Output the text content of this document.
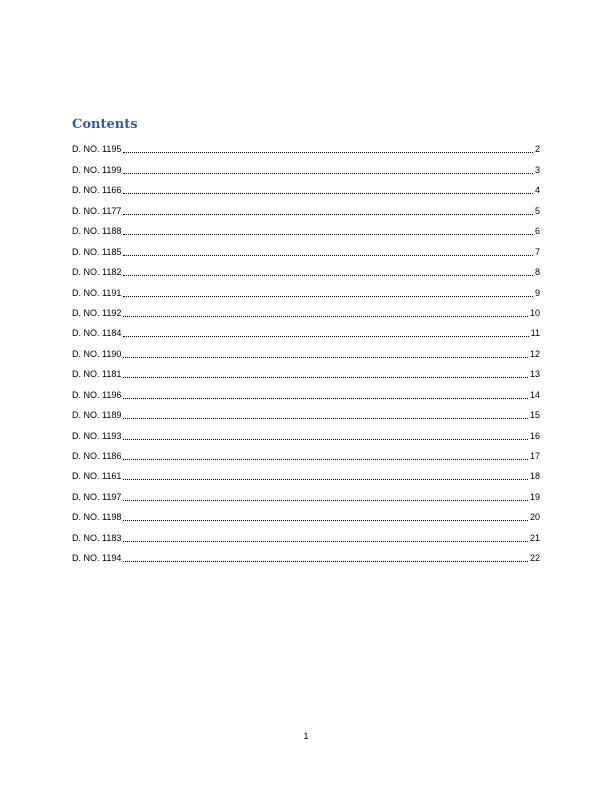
Contents
D. NO. 1195	2
D. NO. 1199	3
D. NO. 1166	4
D. NO. 1177	5
D. NO. 1188	6
D. NO. 1185	7
D. NO. 1182	8
D. NO. 1191	9
D. NO. 1192	10
D. NO. 1184	11
D. NO. 1190	12
D. NO. 1181	13
D. NO. 1196	14
D. NO. 1189	15
D. NO. 1193	16
D. NO. 1186	17
D. NO. 1161	18
D. NO. 1197	19
D. NO. 1198	20
D. NO. 1183	21
D. NO. 1194	22
1
